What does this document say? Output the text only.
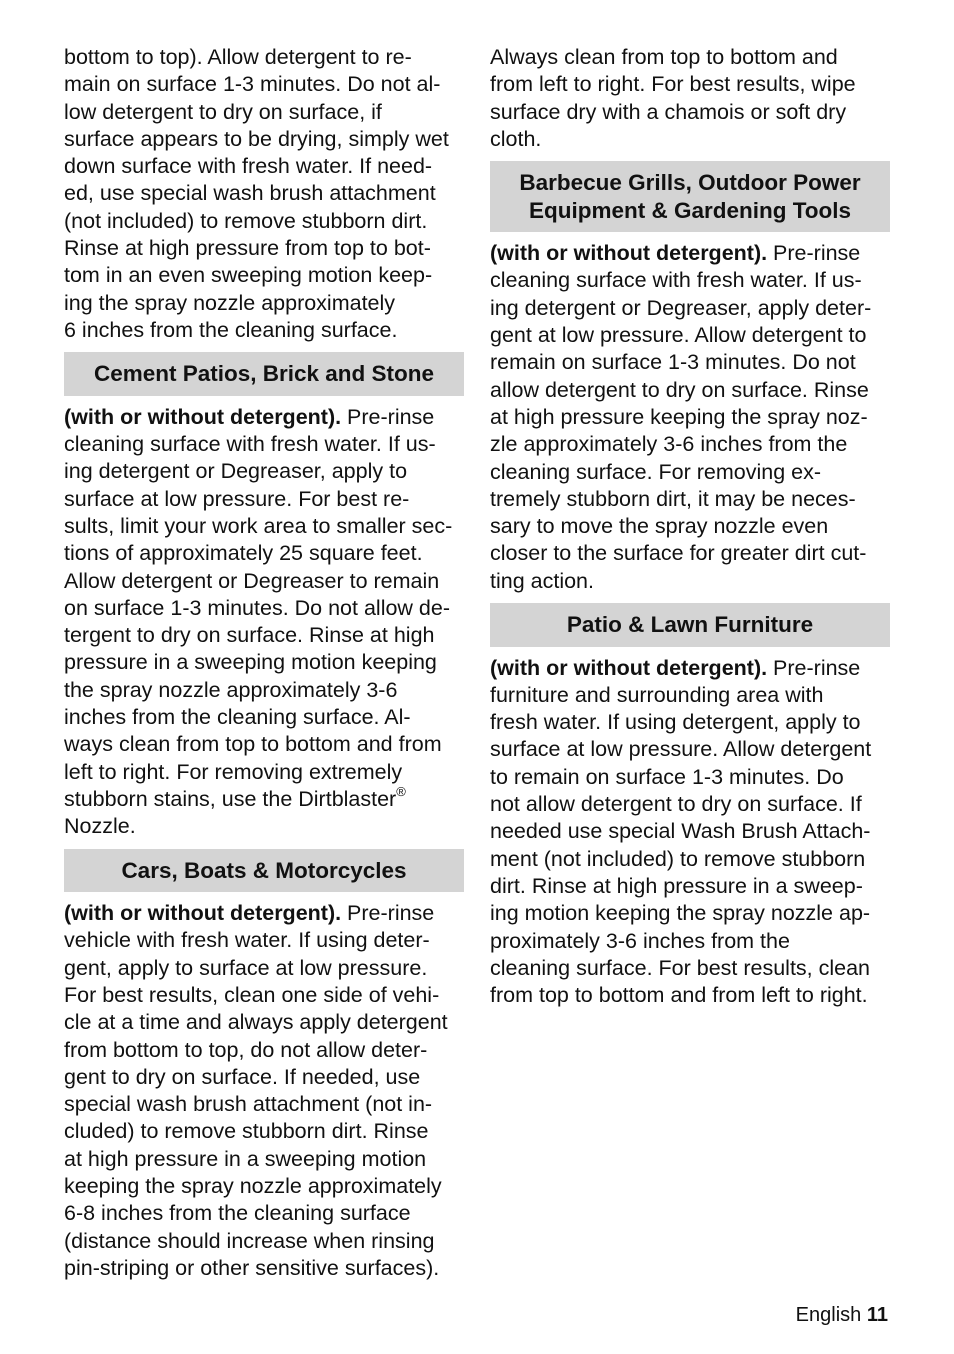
bottom to top). Allow detergent to re-
main on surface 1-3 minutes. Do not al-
low detergent to dry on surface, if
surface appears to be drying, simply wet
down surface with fresh water. If need-
ed, use special wash brush attachment
(not included) to remove stubborn dirt.
Rinse at high pressure from top to bot-
tom in an even sweeping motion keep-
ing the spray nozzle approximately
6 inches from the cleaning surface.

Cement Patios, Brick and Stone

(with or without detergent). Pre-rinse
cleaning surface with fresh water. If us-
ing detergent or Degreaser, apply to
surface at low pressure. For best re-
sults, limit your work area to smaller sec-
tions of approximately 25 square feet.
Allow detergent or Degreaser to remain
on surface 1-3 minutes. Do not allow de-
tergent to dry on surface. Rinse at high
pressure in a sweeping motion keeping
the spray nozzle approximately 3-6
inches from the cleaning surface. Al-
ways clean from top to bottom and from
left to right. For removing extremely
stubborn stains, use the Dirtblaster®
Nozzle.

Cars, Boats & Motorcycles

(with or without detergent). Pre-rinse
vehicle with fresh water. If using deter-
gent, apply to surface at low pressure.
For best results, clean one side of vehi-
cle at a time and always apply detergent
from bottom to top, do not allow deter-
gent to dry on surface. If needed, use
special wash brush attachment (not in-
cluded) to remove stubborn dirt. Rinse
at high pressure in a sweeping motion
keeping the spray nozzle approximately
6-8 inches from the cleaning surface
(distance should increase when rinsing
pin-striping or other sensitive surfaces).

Always clean from top to bottom and
from left to right. For best results, wipe
surface dry with a chamois or soft dry
cloth.

Barbecue Grills, Outdoor Power
Equipment & Gardening Tools

(with or without detergent). Pre-rinse
cleaning surface with fresh water. If us-
ing detergent or Degreaser, apply deter-
gent at low pressure. Allow detergent to
remain on surface 1-3 minutes. Do not
allow detergent to dry on surface. Rinse
at high pressure keeping the spray noz-
zle approximately 3-6 inches from the
cleaning surface. For removing ex-
tremely stubborn dirt, it may be neces-
sary to move the spray nozzle even
closer to the surface for greater dirt cut-
ting action.

Patio & Lawn Furniture

(with or without detergent). Pre-rinse
furniture and surrounding area with
fresh water. If using detergent, apply to
surface at low pressure. Allow detergent
to remain on surface 1-3 minutes. Do
not allow detergent to dry on surface. If
needed use special Wash Brush Attach-
ment (not included) to remove stubborn
dirt. Rinse at high pressure in a sweep-
ing motion keeping the spray nozzle ap-
proximately 3-6 inches from the
cleaning surface. For best results, clean
from top to bottom and from left to right.

English 11
